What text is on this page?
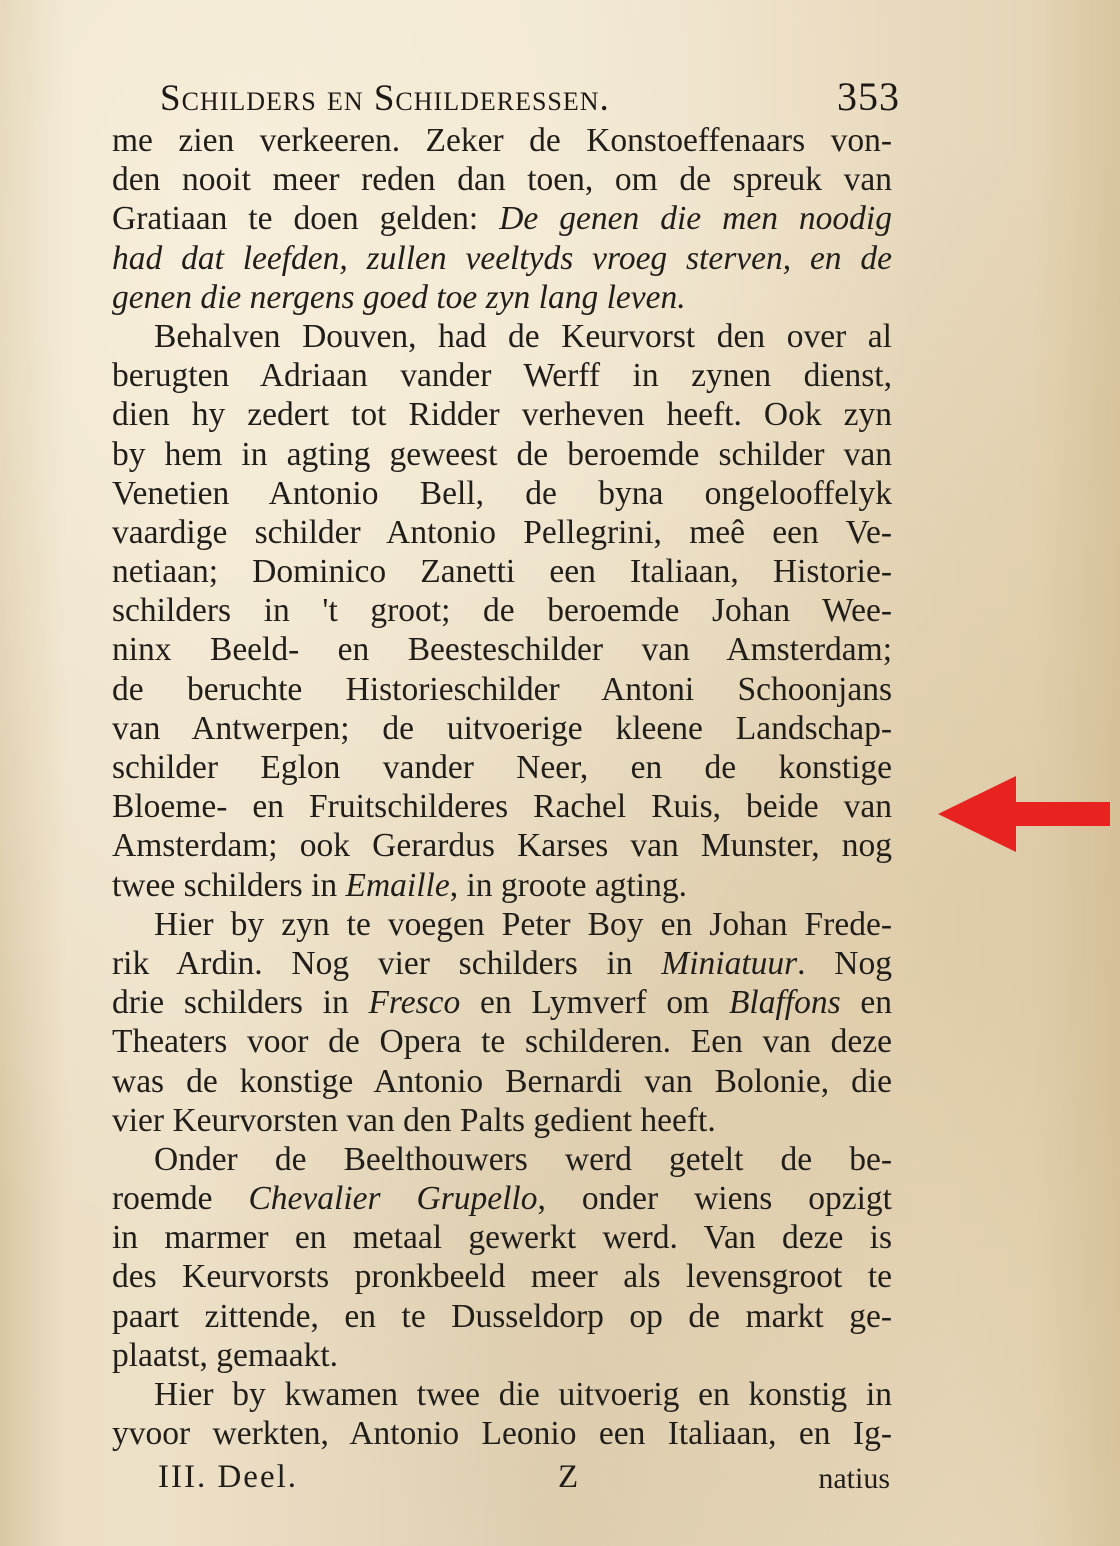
Schilders en Schilderessen.	353
me zien verkeeren. Zeker de Konstoeffenaars von-
den nooit meer reden dan toen, om de spreuk van
Gratiaan te doen gelden: De genen die men noodig
had dat leefden, zullen veeltyds vroeg sterven, en de
genen die nergens goed toe zyn lang leven.
Behalven Douven, had de Keurvorst den over al
berugten Adriaan vander Werff in zynen dienst,
dien hy zedert tot Ridder verheven heeft. Ook zyn
by hem in agting geweest de beroemde schilder van
Venetien Antonio Bell, de byna ongelooffelyk
vaardige schilder Antonio Pellegrini, meê een Ve-
netiaan; Dominico Zanetti een Italiaan, Historie-
schilders in 't groot; de beroemde Johan Wee-
ninx Beeld- en Beesteschilder van Amsterdam;
de beruchte Historieschilder Antoni Schoonjans
van Antwerpen; de uitvoerige kleene Landschap-
schilder Eglon vander Neer, en de konstige
Bloeme- en Fruitschilderes Rachel Ruis, beide van
Amsterdam; ook Gerardus Karses van Munster, nog
twee schilders in Emaille, in groote agting.
Hier by zyn te voegen Peter Boy en Johan Frede-
rik Ardin. Nog vier schilders in Miniatuur. Nog
drie schilders in Fresco en Lymverf om Blaffons en
Theaters voor de Opera te schilderen. Een van deze
was de konstige Antonio Bernardi van Bolonie, die
vier Keurvorsten van den Palts gedient heeft.
Onder de Beelthouwers werd getelt de be-
roemde Chevalier Grupello, onder wiens opzigt
in marmer en metaal gewerkt werd. Van deze is
des Keurvorsts pronkbeeld meer als levensgroot te
paart zittende, en te Dusseldorp op de markt ge-
plaatst, gemaakt.
Hier by kwamen twee die uitvoerig en konstig in
yvoor werkten, Antonio Leonio een Italiaan, en Ig-
III. Deel.	Z	natius
